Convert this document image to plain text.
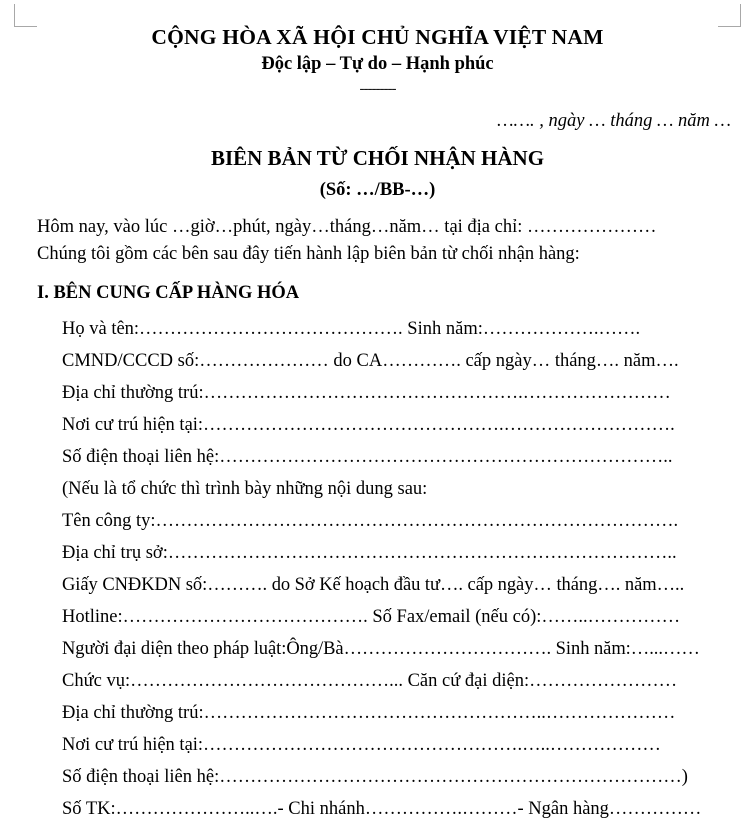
CỘNG HÒA XÃ HỘI CHỦ NGHĨA VIỆT NAM
Độc lập – Tự do – Hạnh phúc
---------
……. , ngày … tháng … năm …
BIÊN BẢN TỪ CHỐI NHẬN HÀNG
(Số: …/BB-…)
Hôm nay, vào lúc …giờ…phút, ngày…tháng…năm… tại địa chỉ: …………………
Chúng tôi gồm các bên sau đây tiến hành lập biên bản từ chối nhận hàng:
I. BÊN CUNG CẤP HÀNG HÓA
Họ và tên:……………………………………. Sinh năm:……………….…….
CMND/CCCD số:………………… do CA…………. cấp ngày… tháng…. năm….
Địa chỉ thường trú:…………………………………………….……………………
Nơi cư trú hiện tại:………………………………………….……………………….
Số điện thoại liên hệ:………………………………………………………………..
(Nếu là tổ chức thì trình bày những nội dung sau:
Tên công ty:………………………………………………………………………….
Địa chỉ trụ sở:………………………………………………………………………..
Giấy CNĐKDN số:………. do Sở Kế hoạch đầu tư…. cấp ngày… tháng…. năm…..
Hotline:…………………………………. Số Fax/email (nếu có):……..……………
Người đại diện theo pháp luật:Ông/Bà……………………………. Sinh năm:…...……
Chức vụ:……………………………………... Căn cứ đại diện:……………………
Địa chỉ thường trú:………………………………………………..…………………
Nơi cư trú hiện tại:…………………………………………….…..………………
Số điện thoại liên hệ:…………………………………………………………………)
Số TK:…………………..….- Chi nhánh…………….………- Ngân hàng……………
